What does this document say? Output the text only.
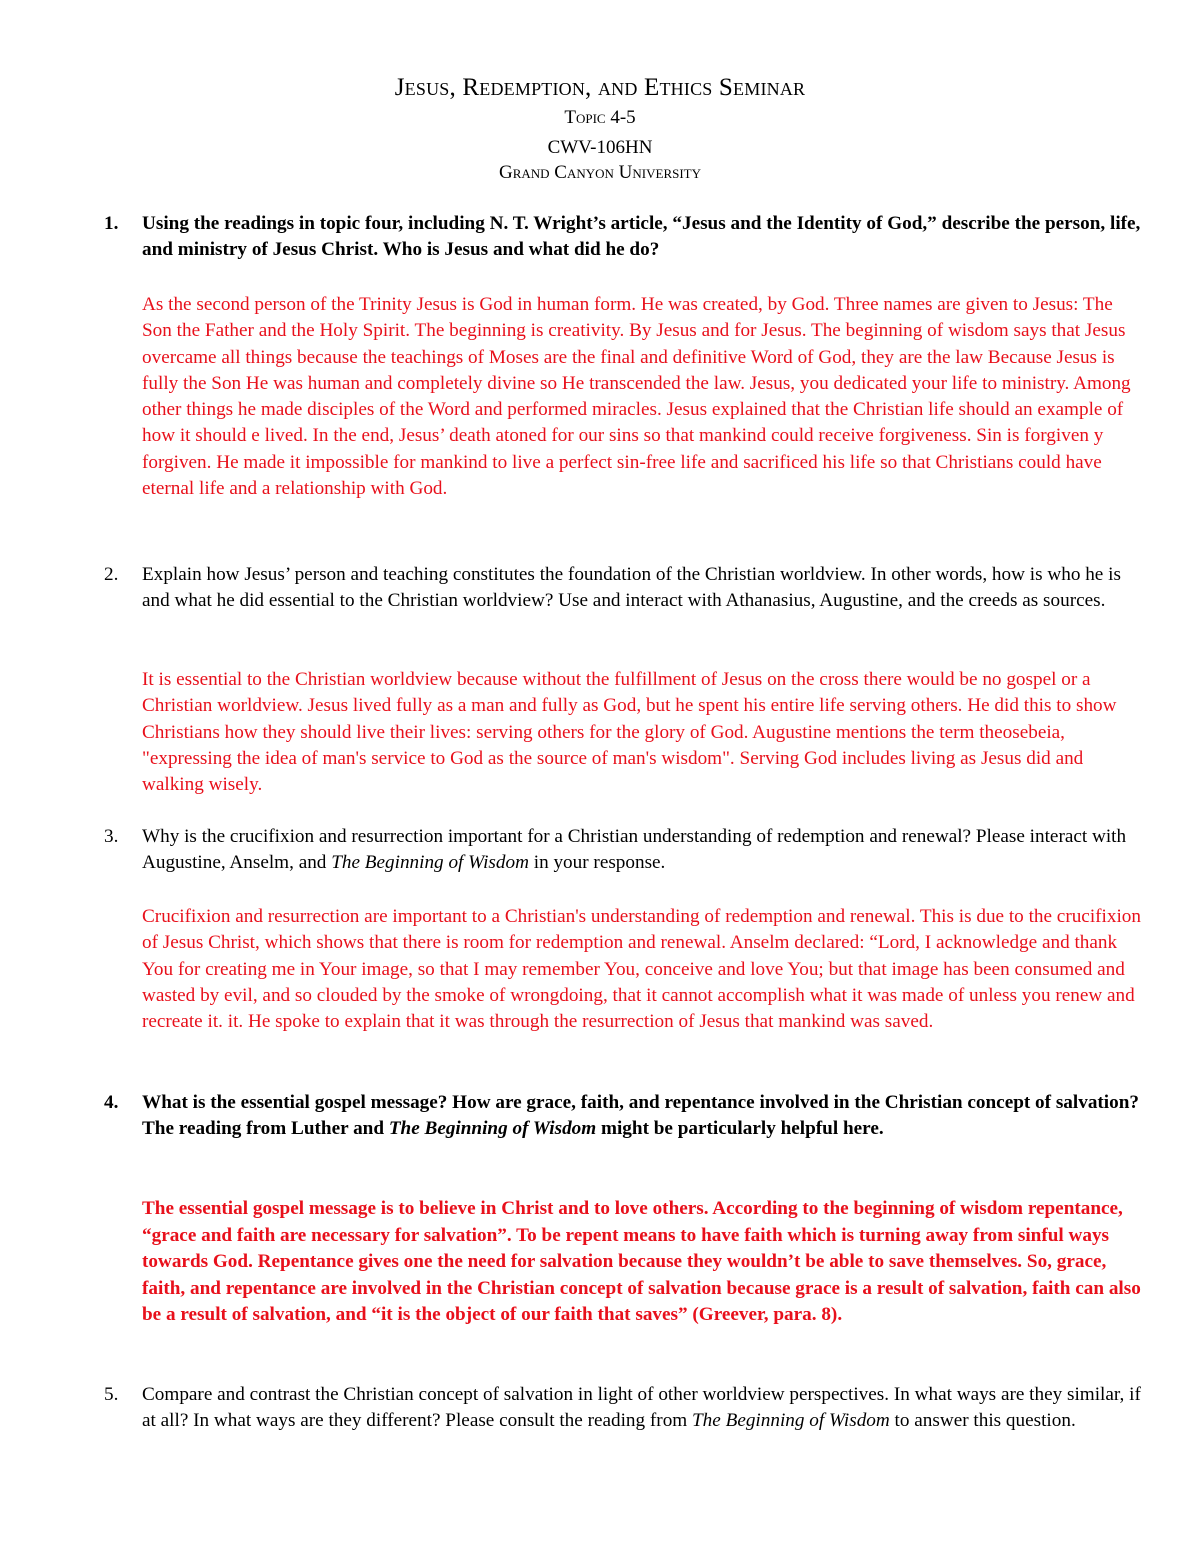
Jesus, Redemption, and Ethics Seminar
Topic 4-5
CWV-106HN
Grand Canyon University
1.	Using the readings in topic four, including N. T. Wright’s article, “Jesus and the Identity of God,” describe the person, life, and ministry of Jesus Christ. Who is Jesus and what did he do?
As the second person of the Trinity Jesus is God in human form. He was created, by God. Three names are given to Jesus: The Son the Father and the Holy Spirit. The beginning is creativity. By Jesus and for Jesus. The beginning of wisdom says that Jesus overcame all things because the teachings of Moses are the final and definitive Word of God, they are the law Because Jesus is fully the Son He was human and completely divine so He transcended the law. Jesus, you dedicated your life to ministry. Among other things he made disciples of the Word and performed miracles. Jesus explained that the Christian life should an example of how it should e lived. In the end, Jesus’ death atoned for our sins so that mankind could receive forgiveness. Sin is forgiven y forgiven. He made it impossible for mankind to live a perfect sin-free life and sacrificed his life so that Christians could have eternal life and a relationship with God.
2.	Explain how Jesus’ person and teaching constitutes the foundation of the Christian worldview. In other words, how is who he is and what he did essential to the Christian worldview? Use and interact with Athanasius, Augustine, and the creeds as sources.
It is essential to the Christian worldview because without the fulfillment of Jesus on the cross there would be no gospel or a Christian worldview. Jesus lived fully as a man and fully as God, but he spent his entire life serving others. He did this to show Christians how they should live their lives: serving others for the glory of God. Augustine mentions the term theosebeia, "expressing the idea of man's service to God as the source of man's wisdom". Serving God includes living as Jesus did and walking wisely.
3.	Why is the crucifixion and resurrection important for a Christian understanding of redemption and renewal? Please interact with Augustine, Anselm, and The Beginning of Wisdom in your response.
Crucifixion and resurrection are important to a Christian's understanding of redemption and renewal. This is due to the crucifixion of Jesus Christ, which shows that there is room for redemption and renewal. Anselm declared: “Lord, I acknowledge and thank You for creating me in Your image, so that I may remember You, conceive and love You; but that image has been consumed and wasted by evil, and so clouded by the smoke of wrongdoing, that it cannot accomplish what it was made of unless you renew and recreate it. it. He spoke to explain that it was through the resurrection of Jesus that mankind was saved.
4.	What is the essential gospel message? How are grace, faith, and repentance involved in the Christian concept of salvation? The reading from Luther and The Beginning of Wisdom might be particularly helpful here.
The essential gospel message is to believe in Christ and to love others. According to the beginning of wisdom repentance, “grace and faith are necessary for salvation”. To be repent means to have faith which is turning away from sinful ways towards God. Repentance gives one the need for salvation because they wouldn’t be able to save themselves. So, grace, faith, and repentance are involved in the Christian concept of salvation because grace is a result of salvation, faith can also be a result of salvation, and “it is the object of our faith that saves” (Greever, para. 8).
5.	Compare and contrast the Christian concept of salvation in light of other worldview perspectives. In what ways are they similar, if at all? In what ways are they different? Please consult the reading from The Beginning of Wisdom to answer this question.
